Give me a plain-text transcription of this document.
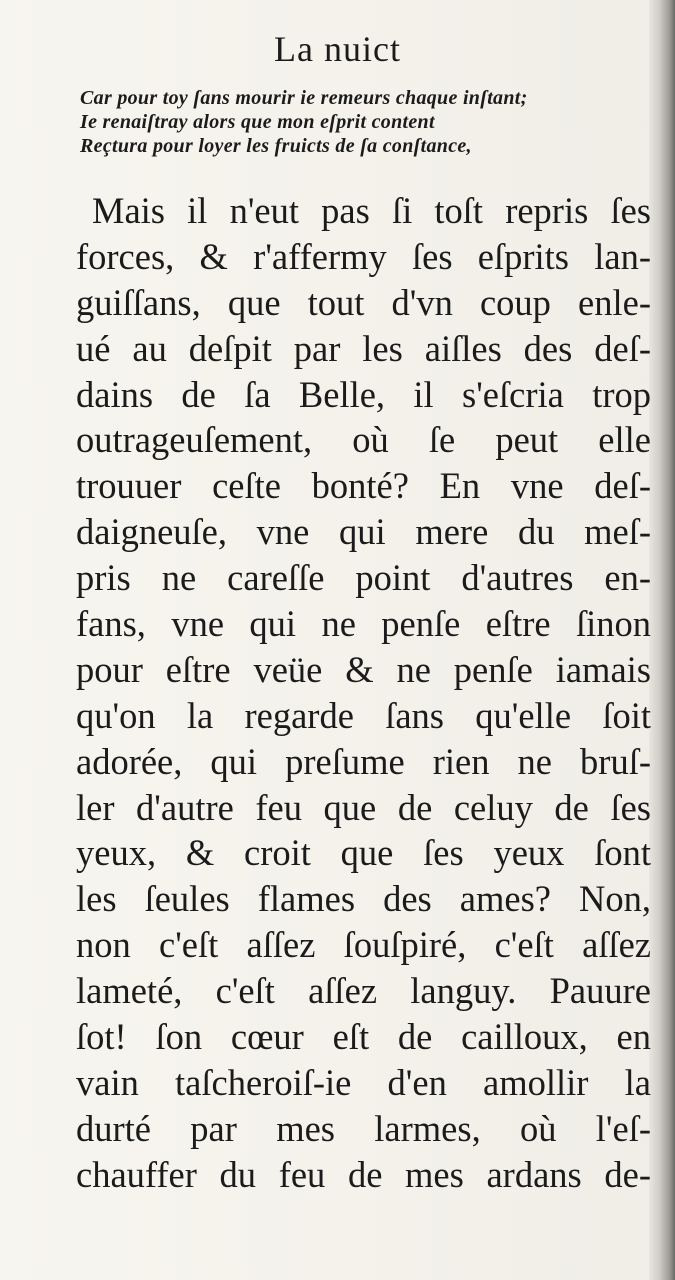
La nuict
Car pour toy ſans mourir ie remeurs chaque inſtant;
Ie renaiſtray alors que mon eſprit content
Reçtura pour loyer les fruicts de ſa conſtance,
Mais il n'eut pas ſi toſt repris ſes
forces, & r'affermy ſes eſprits lan-
guiſſans, que tout d'vn coup enle-
ué au deſpit par les aiſles des deſ-
dains de ſa Belle, il s'eſcria trop
outrageuſement, où ſe peut elle
trouuer ceſte bonté? En vne deſ-
daigneuſe, vne qui mere du meſ-
pris ne careſſe point d'autres en-
fans, vne qui ne penſe eſtre ſinon
pour eſtre veüe & ne penſe iamais
qu'on la regarde ſans qu'elle ſoit
adorée, qui preſume rien ne bruſ-
ler d'autre feu que de celuy de ſes
yeux, & croit que ſes yeux ſont
les ſeules flames des ames? Non,
non c'eſt aſſez ſouſpiré, c'eſt aſſez
lameté, c'eſt aſſez languy. Pauure
ſot! ſon cœur eſt de cailloux, en
vain taſcheroiſ-ie d'en amollir la
durté par mes larmes, où l'eſ-
chauffer du feu de mes ardans de-
